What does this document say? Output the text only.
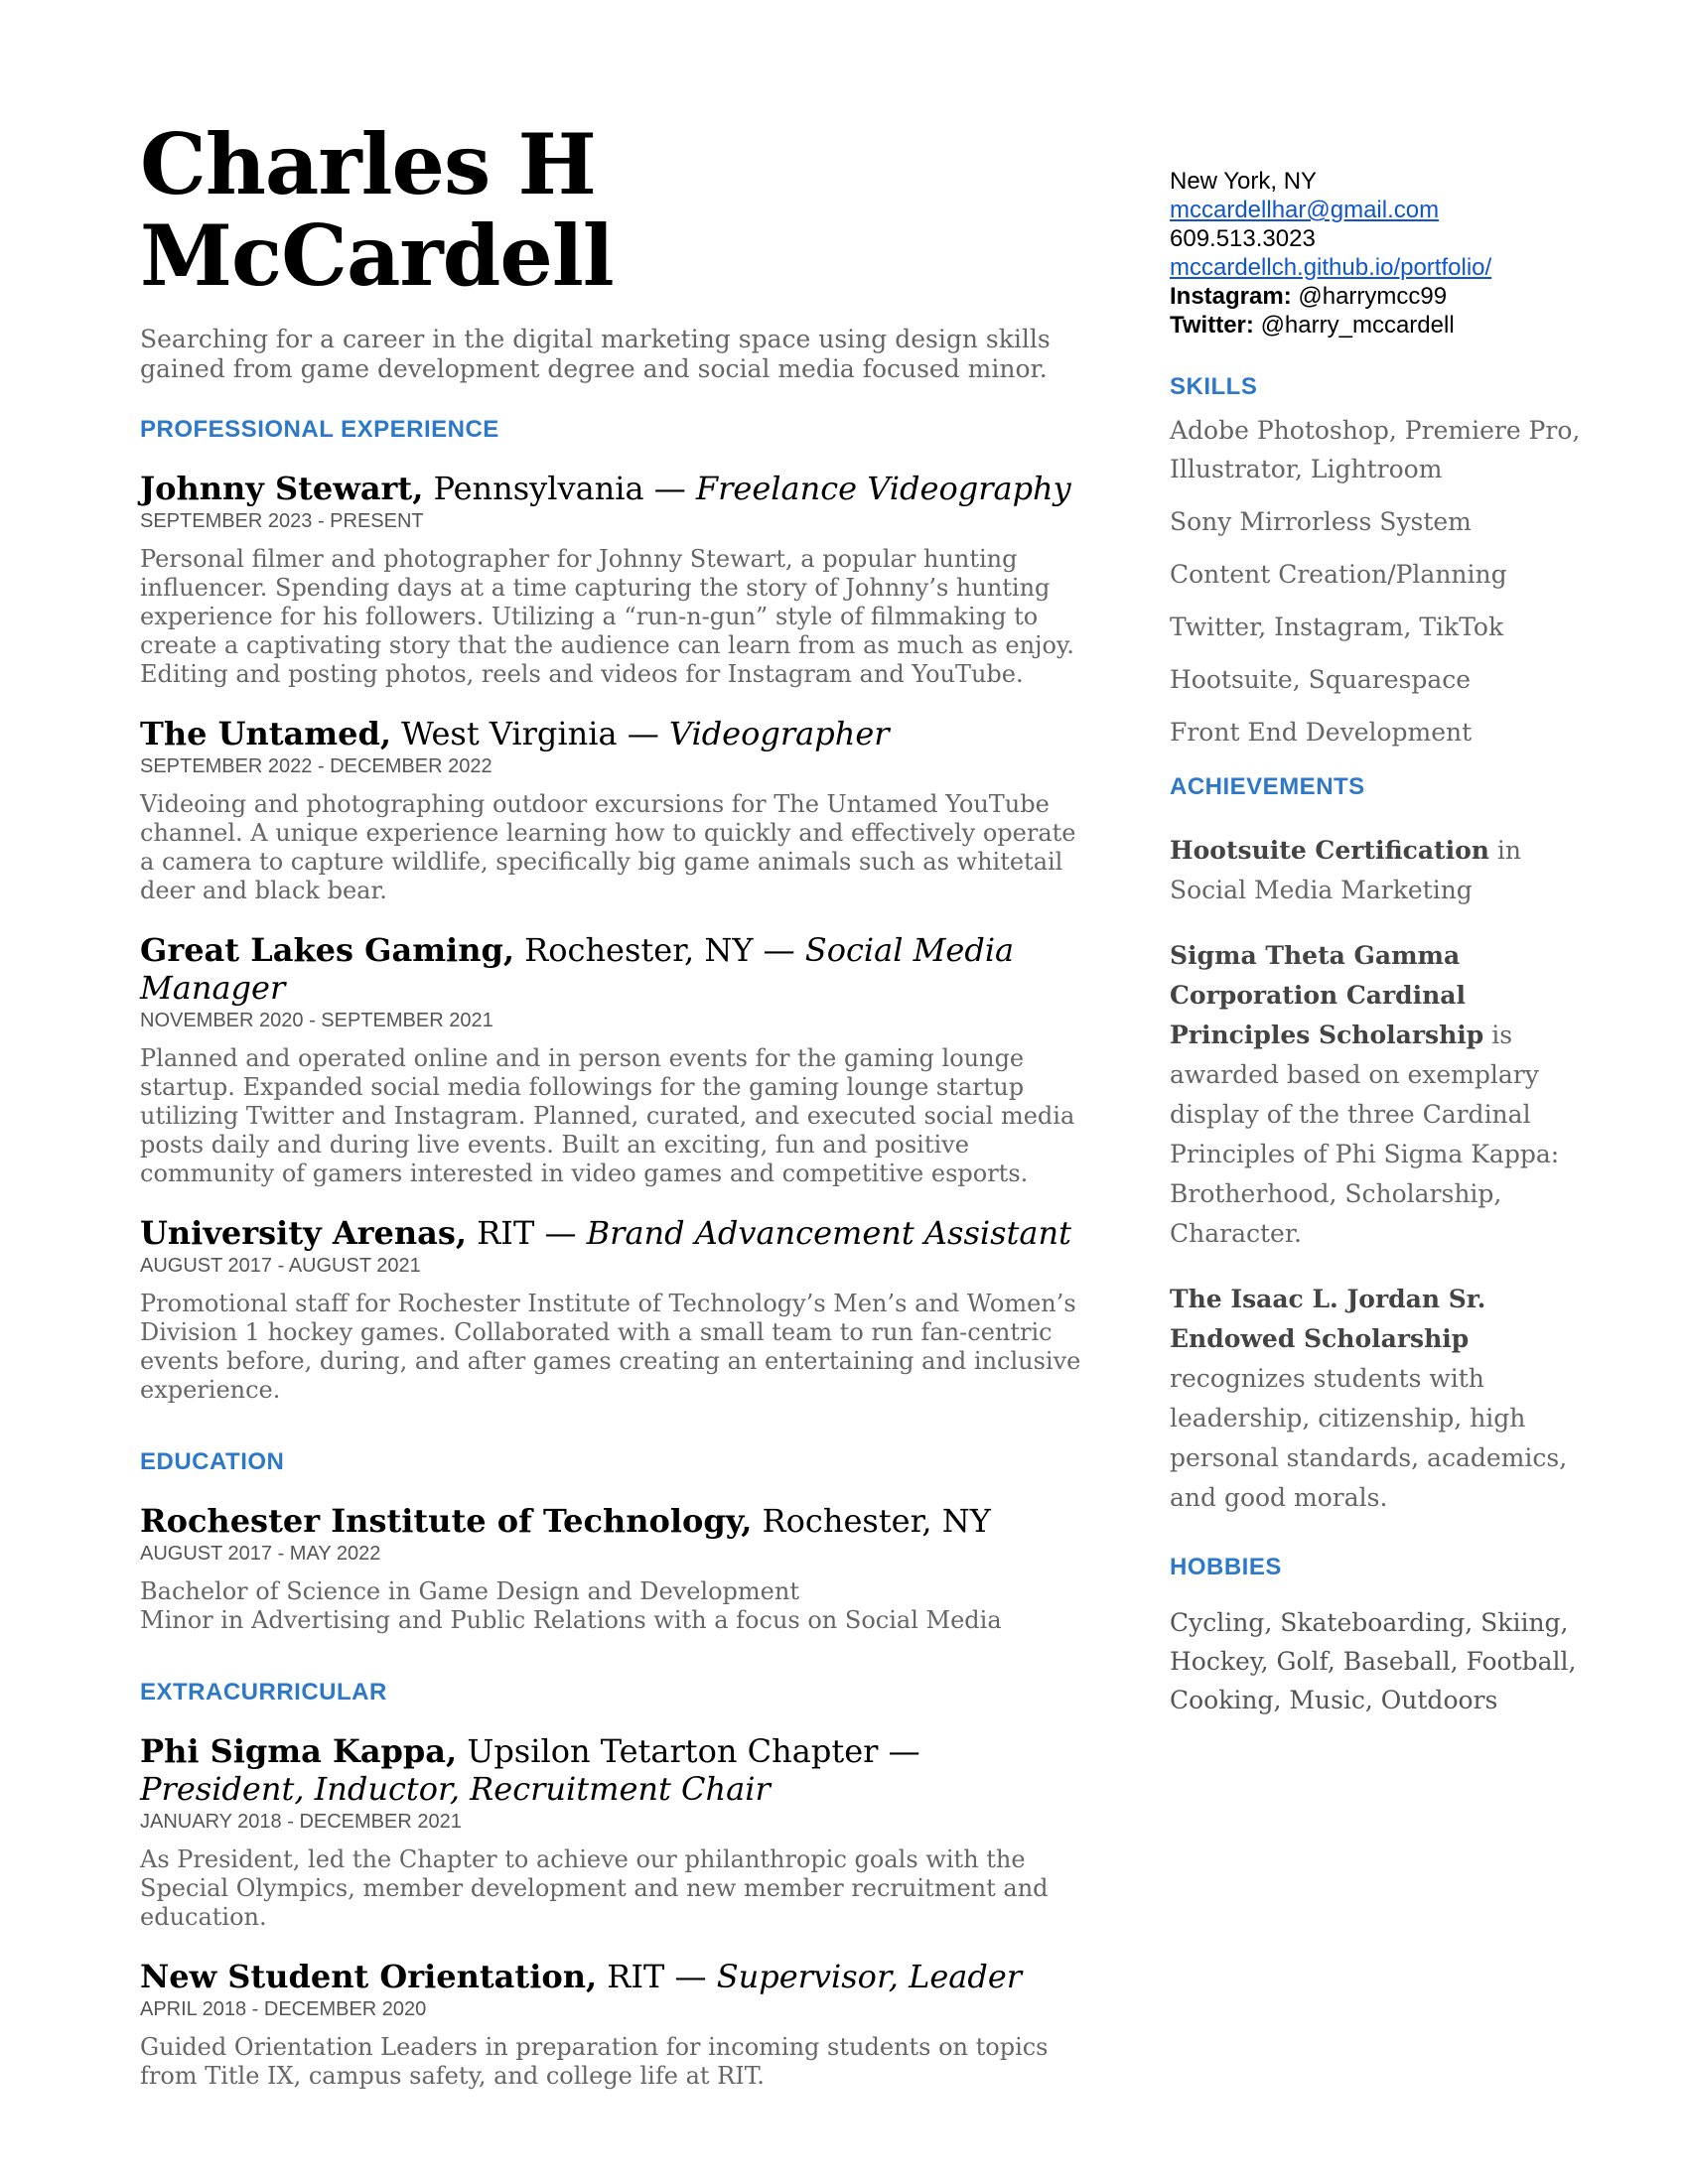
Charles H McCardell
Searching for a career in the digital marketing space using design skills gained from game development degree and social media focused minor.
PROFESSIONAL EXPERIENCE
Johnny Stewart, Pennsylvania — Freelance Videography
SEPTEMBER 2023 - PRESENT
Personal filmer and photographer for Johnny Stewart, a popular hunting influencer. Spending days at a time capturing the story of Johnny’s hunting experience for his followers. Utilizing a “run-n-gun” style of filmmaking to create a captivating story that the audience can learn from as much as enjoy. Editing and posting photos, reels and videos for Instagram and YouTube.
The Untamed, West Virginia — Videographer
SEPTEMBER 2022 - DECEMBER 2022
Videoing and photographing outdoor excursions for The Untamed YouTube channel. A unique experience learning how to quickly and effectively operate a camera to capture wildlife, specifically big game animals such as whitetail deer and black bear.
Great Lakes Gaming, Rochester, NY — Social Media Manager
NOVEMBER 2020 - SEPTEMBER 2021
Planned and operated online and in person events for the gaming lounge startup. Expanded social media followings for the gaming lounge startup utilizing Twitter and Instagram. Planned, curated, and executed social media posts daily and during live events. Built an exciting, fun and positive community of gamers interested in video games and competitive esports.
University Arenas, RIT — Brand Advancement Assistant
AUGUST 2017 - AUGUST 2021
Promotional staff for Rochester Institute of Technology’s Men’s and Women’s Division 1 hockey games. Collaborated with a small team to run fan-centric events before, during, and after games creating an entertaining and inclusive experience.
EDUCATION
Rochester Institute of Technology, Rochester, NY
AUGUST 2017 - MAY 2022
Bachelor of Science in Game Design and Development
Minor in Advertising and Public Relations with a focus on Social Media
EXTRACURRICULAR
Phi Sigma Kappa, Upsilon Tetarton Chapter — President, Inductor, Recruitment Chair
JANUARY 2018 - DECEMBER 2021
As President, led the Chapter to achieve our philanthropic goals with the Special Olympics, member development and new member recruitment and education.
New Student Orientation, RIT — Supervisor, Leader
APRIL 2018 - DECEMBER 2020
Guided Orientation Leaders in preparation for incoming students on topics from Title IX, campus safety, and college life at RIT.
New York, NY
mccardellhar@gmail.com
609.513.3023
mccardellch.github.io/portfolio/
Instagram: @harrymcc99
Twitter: @harry_mccardell
SKILLS
Adobe Photoshop, Premiere Pro, Illustrator, Lightroom
Sony Mirrorless System
Content Creation/Planning
Twitter, Instagram, TikTok
Hootsuite, Squarespace
Front End Development
ACHIEVEMENTS
Hootsuite Certification in Social Media Marketing
Sigma Theta Gamma Corporation Cardinal Principles Scholarship is awarded based on exemplary display of the three Cardinal Principles of Phi Sigma Kappa: Brotherhood, Scholarship, Character.
The Isaac L. Jordan Sr. Endowed Scholarship recognizes students with leadership, citizenship, high personal standards, academics, and good morals.
HOBBIES
Cycling, Skateboarding, Skiing, Hockey, Golf, Baseball, Football, Cooking, Music, Outdoors
